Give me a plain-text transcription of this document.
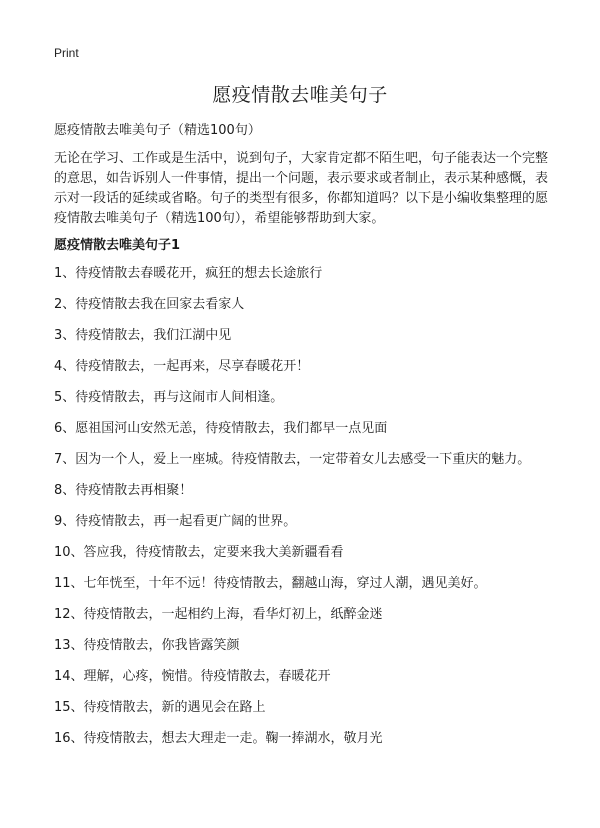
Print
愿疫情散去唯美句子

愿疫情散去唯美句子（精选100句）

无论在学习、工作或是生活中，说到句子，大家肯定都不陌生吧，句子能表达一个完整的意思，如告诉别人一件事情，提出一个问题，表示要求或者制止，表示某种感慨，表示对一段话的延续或省略。句子的类型有很多，你都知道吗？以下是小编收集整理的愿疫情散去唯美句子（精选100句），希望能够帮助到大家。

愿疫情散去唯美句子1
1、待疫情散去春暖花开，疯狂的想去长途旅行
2、待疫情散去我在回家去看家人
3、待疫情散去，我们江湖中见
4、待疫情散去，一起再来，尽享春暖花开！
5、待疫情散去，再与这闹市人间相逢。
6、愿祖国河山安然无恙，待疫情散去，我们都早一点见面
7、因为一个人，爱上一座城。待疫情散去，一定带着女儿去感受一下重庆的魅力。
8、待疫情散去再相聚！
9、待疫情散去，再一起看更广阔的世界。
10、答应我，待疫情散去，定要来我大美新疆看看
11、七年恍至，十年不远！待疫情散去，翻越山海，穿过人潮，遇见美好。
12、待疫情散去，一起相约上海，看华灯初上，纸醉金迷
13、待疫情散去，你我皆露笑颜
14、理解，心疼，惋惜。待疫情散去，春暖花开
15、待疫情散去，新的遇见会在路上
16、待疫情散去，想去大理走一走。鞠一捧湖水，敬月光
